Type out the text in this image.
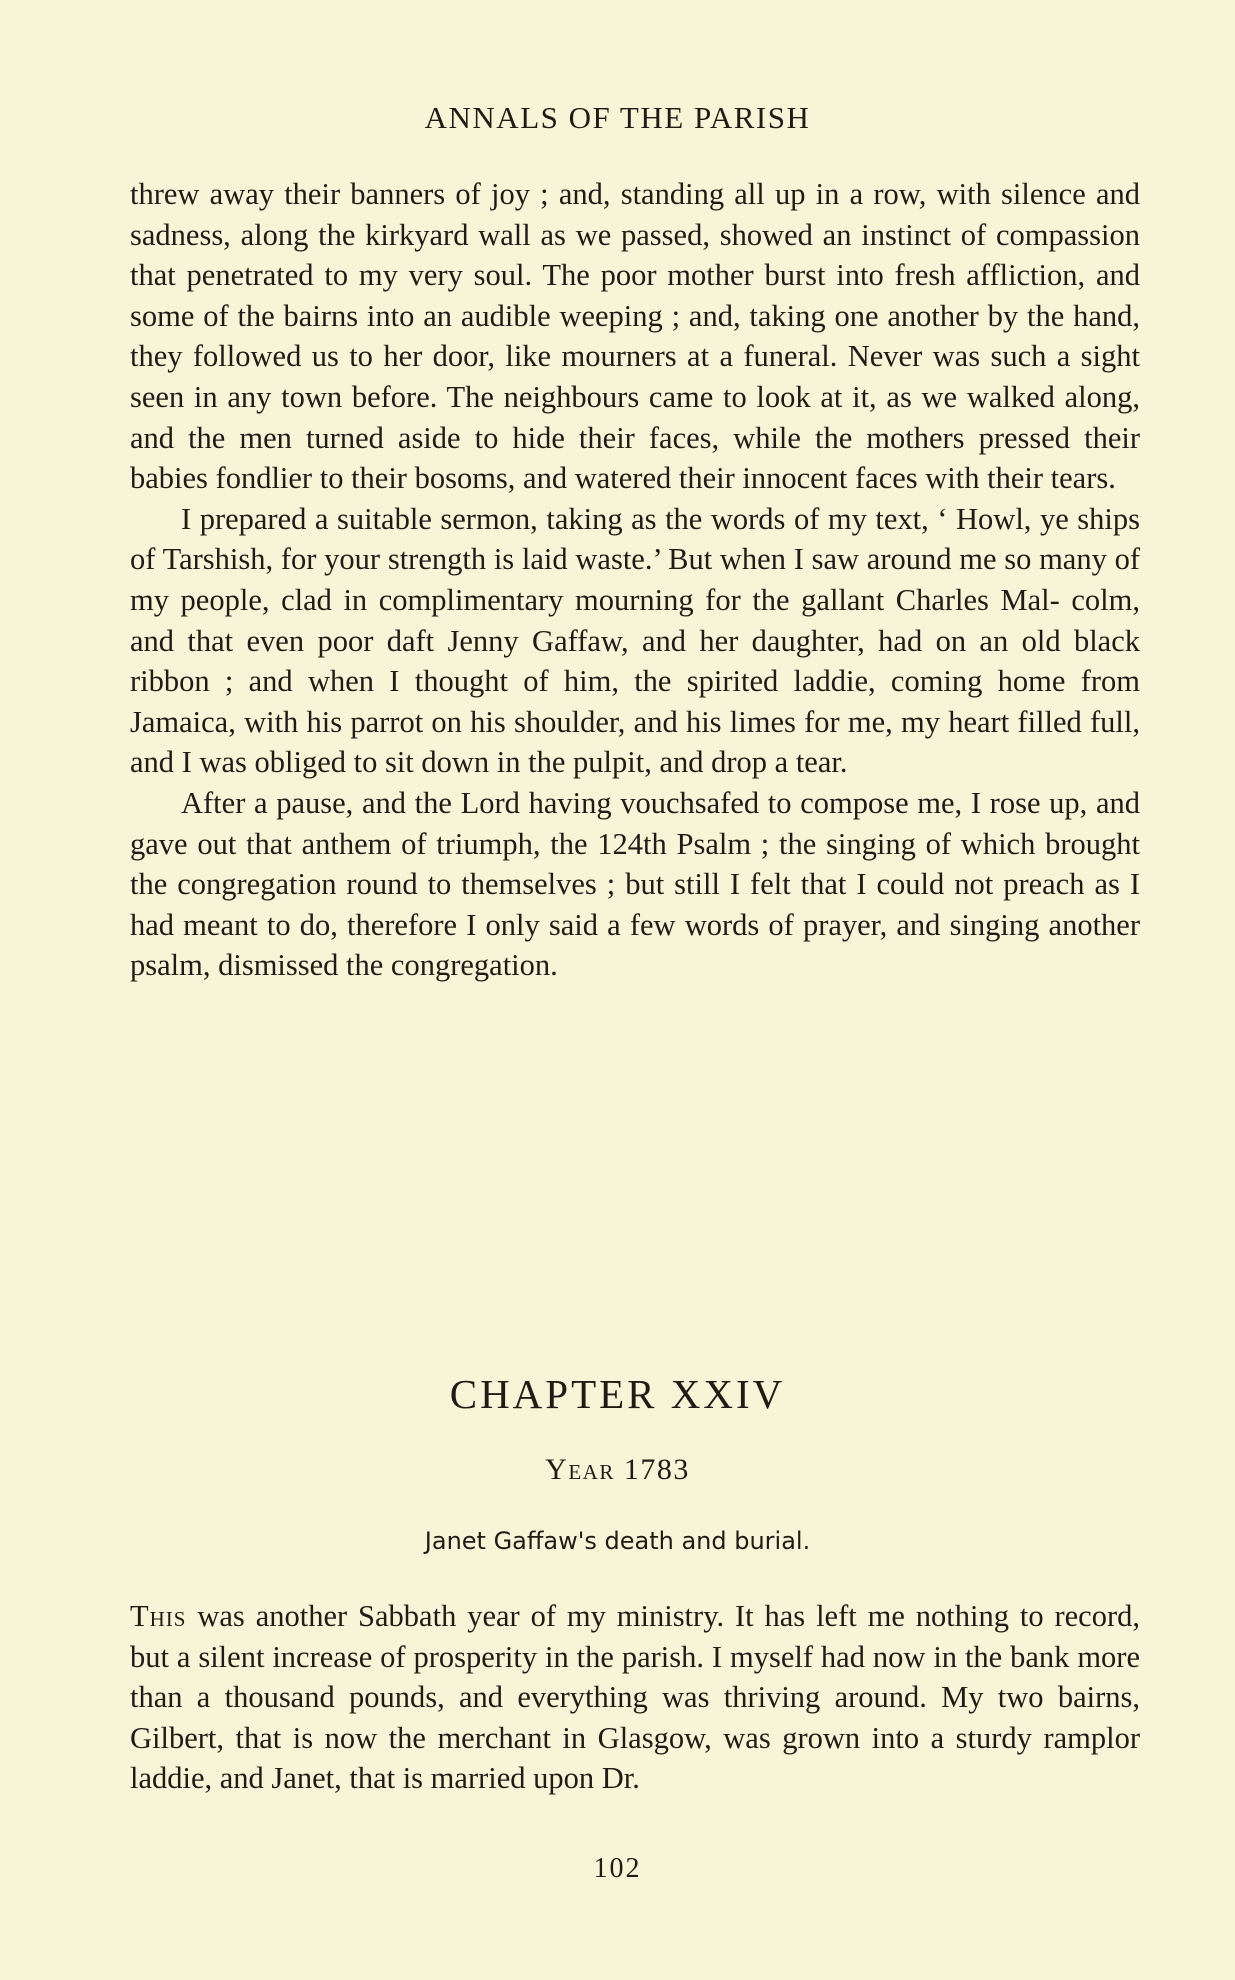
ANNALS OF THE PARISH

threw away their banners of joy ; and, standing all up in a row, with silence and sadness, along the kirkyard wall as we passed, showed an instinct of compassion that penetrated to my very soul. The poor mother burst into fresh affliction, and some of the bairns into an audible weeping ; and, taking one another by the hand, they followed us to her door, like mourners at a funeral. Never was such a sight seen in any town before. The neighbours came to look at it, as we walked along, and the men turned aside to hide their faces, while the mothers pressed their babies fondlier to their bosoms, and watered their innocent faces with their tears.

I prepared a suitable sermon, taking as the words of my text, ‘ Howl, ye ships of Tarshish, for your strength is laid waste.’ But when I saw around me so many of my people, clad in complimentary mourning for the gallant Charles Mal- colm, and that even poor daft Jenny Gaffaw, and her daughter, had on an old black ribbon ; and when I thought of him, the spirited laddie, coming home from Jamaica, with his parrot on his shoulder, and his limes for me, my heart filled full, and I was obliged to sit down in the pulpit, and drop a tear.

After a pause, and the Lord having vouchsafed to compose me, I rose up, and gave out that anthem of triumph, the 124th Psalm ; the singing of which brought the congregation round to themselves ; but still I felt that I could not preach as I had meant to do, therefore I only said a few words of prayer, and singing another psalm, dismissed the congregation.

CHAPTER XXIV
Year 1783
Janet Gaffaw's death and burial.

This was another Sabbath year of my ministry. It has left me nothing to record, but a silent increase of prosperity in the parish. I myself had now in the bank more than a thousand pounds, and everything was thriving around. My two bairns, Gilbert, that is now the merchant in Glasgow, was grown into a sturdy ramplor laddie, and Janet, that is married upon Dr.

102
